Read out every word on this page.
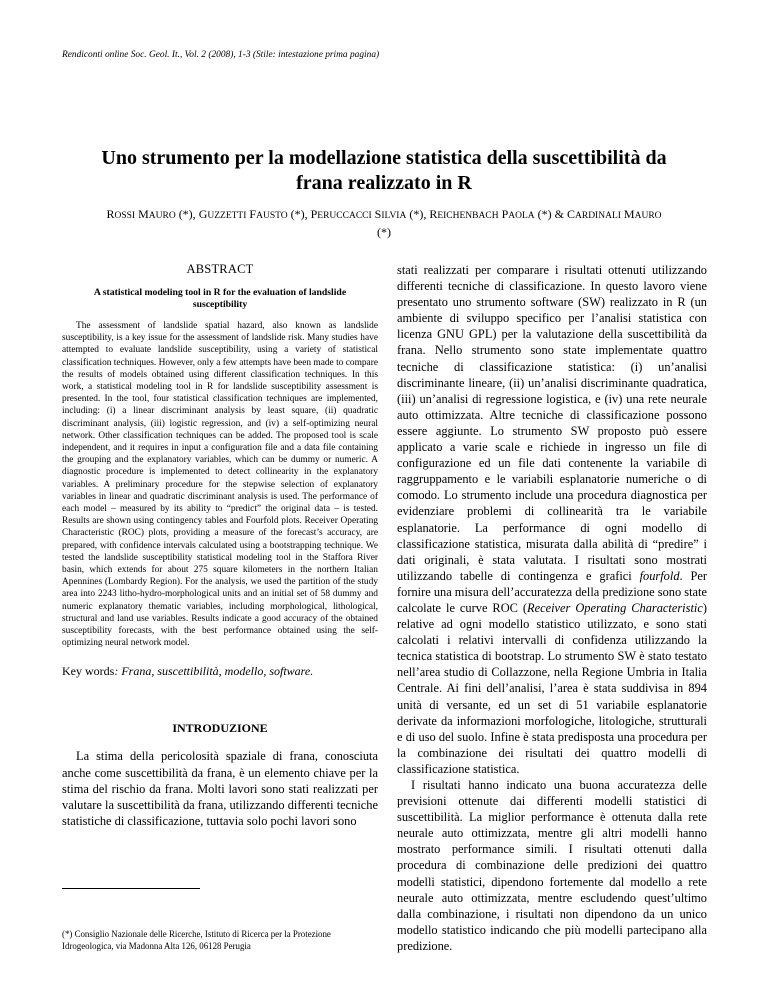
Rendiconti online Soc. Geol. It., Vol. 2 (2008), 1-3 (Stile: intestazione prima pagina)
Uno strumento per la modellazione statistica della suscettibilità da frana realizzato in R
ROSSI MAURO (*), GUZZETTI FAUSTO (*), PERUCCACCI SILVIA (*), REICHENBACH PAOLA (*) & CARDINALI MAURO (*)
ABSTRACT
A statistical modeling tool in R for the evaluation of landslide susceptibility

The assessment of landslide spatial hazard, also known as landslide susceptibility, is a key issue for the assessment of landslide risk. Many studies have attempted to evaluate landslide susceptibility, using a variety of statistical classification techniques. However, only a few attempts have been made to compare the results of models obtained using different classification techniques. In this work, a statistical modeling tool in R for landslide susceptibility assessment is presented. In the tool, four statistical classification techniques are implemented, including: (i) a linear discriminant analysis by least square, (ii) quadratic discriminant analysis, (iii) logistic regression, and (iv) a self-optimizing neural network. Other classification techniques can be added. The proposed tool is scale independent, and it requires in input a configuration file and a data file containing the grouping and the explanatory variables, which can be dummy or numeric. A diagnostic procedure is implemented to detect collinearity in the explanatory variables. A preliminary procedure for the stepwise selection of explanatory variables in linear and quadratic discriminant analysis is used. The performance of each model – measured by its ability to “predict” the original data – is tested. Results are shown using contingency tables and Fourfold plots. Receiver Operating Characteristic (ROC) plots, providing a measure of the forecast’s accuracy, are prepared, with confidence intervals calculated using a bootstrapping technique. We tested the landslide susceptibility statistical modeling tool in the Staffora River basin, which extends for about 275 square kilometers in the northern Italian Apennines (Lombardy Region). For the analysis, we used the partition of the study area into 2243 litho-hydro-morphological units and an initial set of 58 dummy and numeric explanatory thematic variables, including morphological, lithological, structural and land use variables. Results indicate a good accuracy of the obtained susceptibility forecasts, with the best performance obtained using the self-optimizing neural network model.

Key words: Frana, suscettibilità, modello, software.
INTRODUZIONE

La stima della pericolosità spaziale di frana, conosciuta anche come suscettibilità da frana, è un elemento chiave per la stima del rischio da frana. Molti lavori sono stati realizzati per valutare la suscettibilità da frana, utilizzando differenti tecniche statistiche di classificazione, tuttavia solo pochi lavori sono

stati realizzati per comparare i risultati ottenuti utilizzando differenti tecniche di classificazione. In questo lavoro viene presentato uno strumento software (SW) realizzato in R (un ambiente di sviluppo specifico per l’analisi statistica con licenza GNU GPL) per la valutazione della suscettibilità da frana. Nello strumento sono state implementate quattro tecniche di classificazione statistica: (i) un’analisi discriminante lineare, (ii) un’analisi discriminante quadratica, (iii) un’analisi di regressione logistica, e (iv) una rete neurale auto ottimizzata. Altre tecniche di classificazione possono essere aggiunte. Lo strumento SW proposto può essere applicato a varie scale e richiede in ingresso un file di configurazione ed un file dati contenente la variabile di raggruppamento e le variabili esplanatorie numeriche o di comodo. Lo strumento include una procedura diagnostica per evidenziare problemi di collinearità tra le variabile esplanatorie. La performance di ogni modello di classificazione statistica, misurata dalla abilità di “predire” i dati originali, è stata valutata. I risultati sono mostrati utilizzando tabelle di contingenza e grafici fourfold. Per fornire una misura dell’accuratezza della predizione sono state calcolate le curve ROC (Receiver Operating Characteristic) relative ad ogni modello statistico utilizzato, e sono stati calcolati i relativi intervalli di confidenza utilizzando la tecnica statistica di bootstrap. Lo strumento SW è stato testato nell’area studio di Collazzone, nella Regione Umbria in Italia Centrale. Ai fini dell’analisi, l’area è stata suddivisa in 894 unità di versante, ed un set di 51 variabile esplanatorie derivate da informazioni morfologiche, litologiche, strutturali e di uso del suolo. Infine è stata predisposta una procedura per la combinazione dei risultati dei quattro modelli di classificazione statistica.

I risultati hanno indicato una buona accuratezza delle previsioni ottenute dai differenti modelli statistici di suscettibilità. La miglior performance è ottenuta dalla rete neurale auto ottimizzata, mentre gli altri modelli hanno mostrato performance simili. I risultati ottenuti dalla procedura di combinazione delle predizioni dei quattro modelli statistici, dipendono fortemente dal modello a rete neurale auto ottimizzata, mentre escludendo quest’ultimo dalla combinazione, i risultati non dipendono da un unico modello statistico indicando che più modelli partecipano alla predizione.

(*) Consiglio Nazionale delle Ricerche, Istituto di Ricerca per la Protezione Idrogeologica, via Madonna Alta 126, 06128 Perugia
